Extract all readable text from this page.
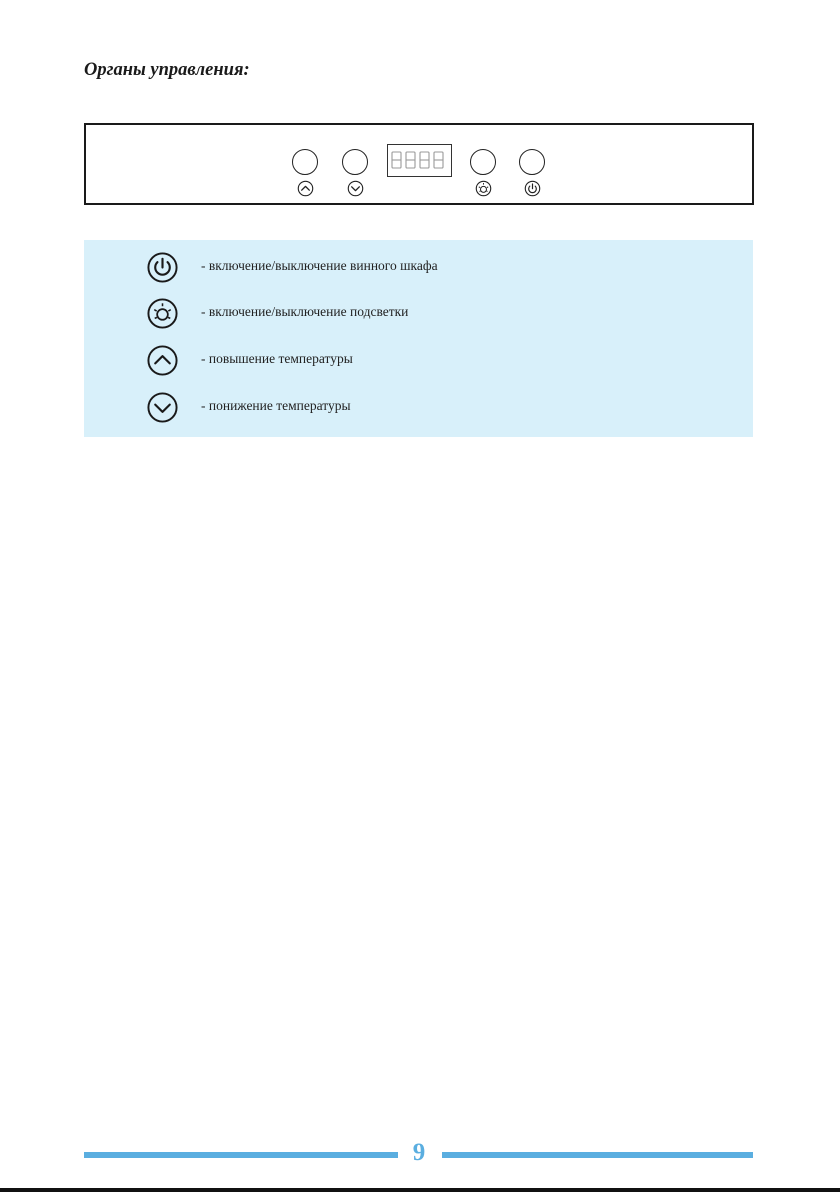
Органы управления:
- включение/выключение винного шкафа
- включение/выключение подсветки
- повышение температуры
- понижение температуры
9
